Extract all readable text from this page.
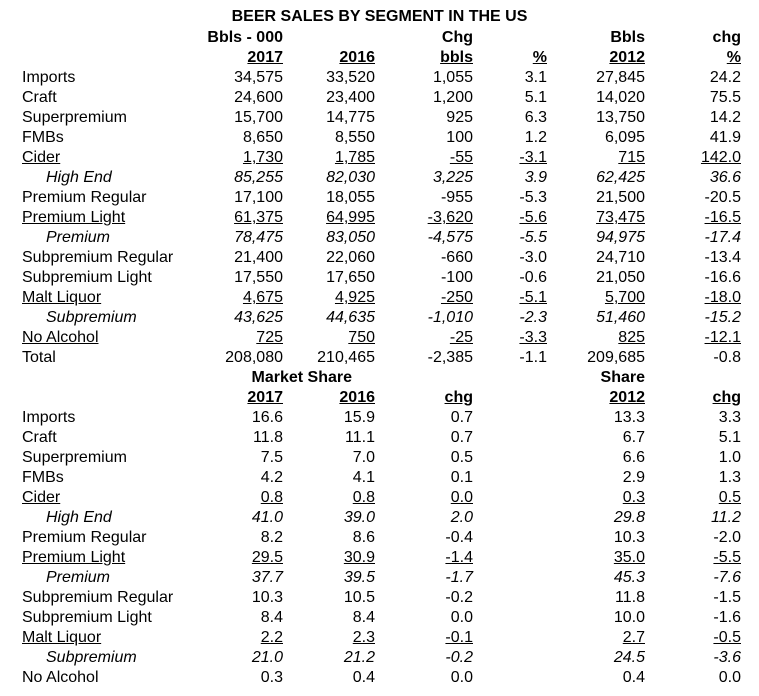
BEER SALES BY SEGMENT IN THE US
Bbls - 000	Chg	Bbls	chg
2017	2016	bbls	%	2012	%
Imports	34,575	33,520	1,055	3.1	27,845	24.2
Craft	24,600	23,400	1,200	5.1	14,020	75.5
Superpremium	15,700	14,775	925	6.3	13,750	14.2
FMBs	8,650	8,550	100	1.2	6,095	41.9
Cider	1,730	1,785	-55	-3.1	715	142.0
High End	85,255	82,030	3,225	3.9	62,425	36.6
Premium Regular	17,100	18,055	-955	-5.3	21,500	-20.5
Premium Light	61,375	64,995	-3,620	-5.6	73,475	-16.5
Premium	78,475	83,050	-4,575	-5.5	94,975	-17.4
Subpremium Regular	21,400	22,060	-660	-3.0	24,710	-13.4
Subpremium Light	17,550	17,650	-100	-0.6	21,050	-16.6
Malt Liquor	4,675	4,925	-250	-5.1	5,700	-18.0
Subpremium	43,625	44,635	-1,010	-2.3	51,460	-15.2
No Alcohol	725	750	-25	-3.3	825	-12.1
Total	208,080 210,465	-2,385	-1.1	209,685	-0.8
Market Share	Share
2017	2016	chg	2012	chg
Imports	16.6	15.9	0.7	13.3	3.3
Craft	11.8	11.1	0.7	6.7	5.1
Superpremium	7.5	7.0	0.5	6.6	1.0
FMBs	4.2	4.1	0.1	2.9	1.3
Cider	0.8	0.8	0.0	0.3	0.5
High End	41.0	39.0	2.0	29.8	11.2
Premium Regular	8.2	8.6	-0.4	10.3	-2.0
Premium Light	29.5	30.9	-1.4	35.0	-5.5
Premium	37.7	39.5	-1.7	45.3	-7.6
Subpremium Regular	10.3	10.5	-0.2	11.8	-1.5
Subpremium Light	8.4	8.4	0.0	10.0	-1.6
Malt Liquor	2.2	2.3	-0.1	2.7	-0.5
Subpremium	21.0	21.2	-0.2	24.5	-3.6
No Alcohol	0.3	0.4	0.0	0.4	0.0
